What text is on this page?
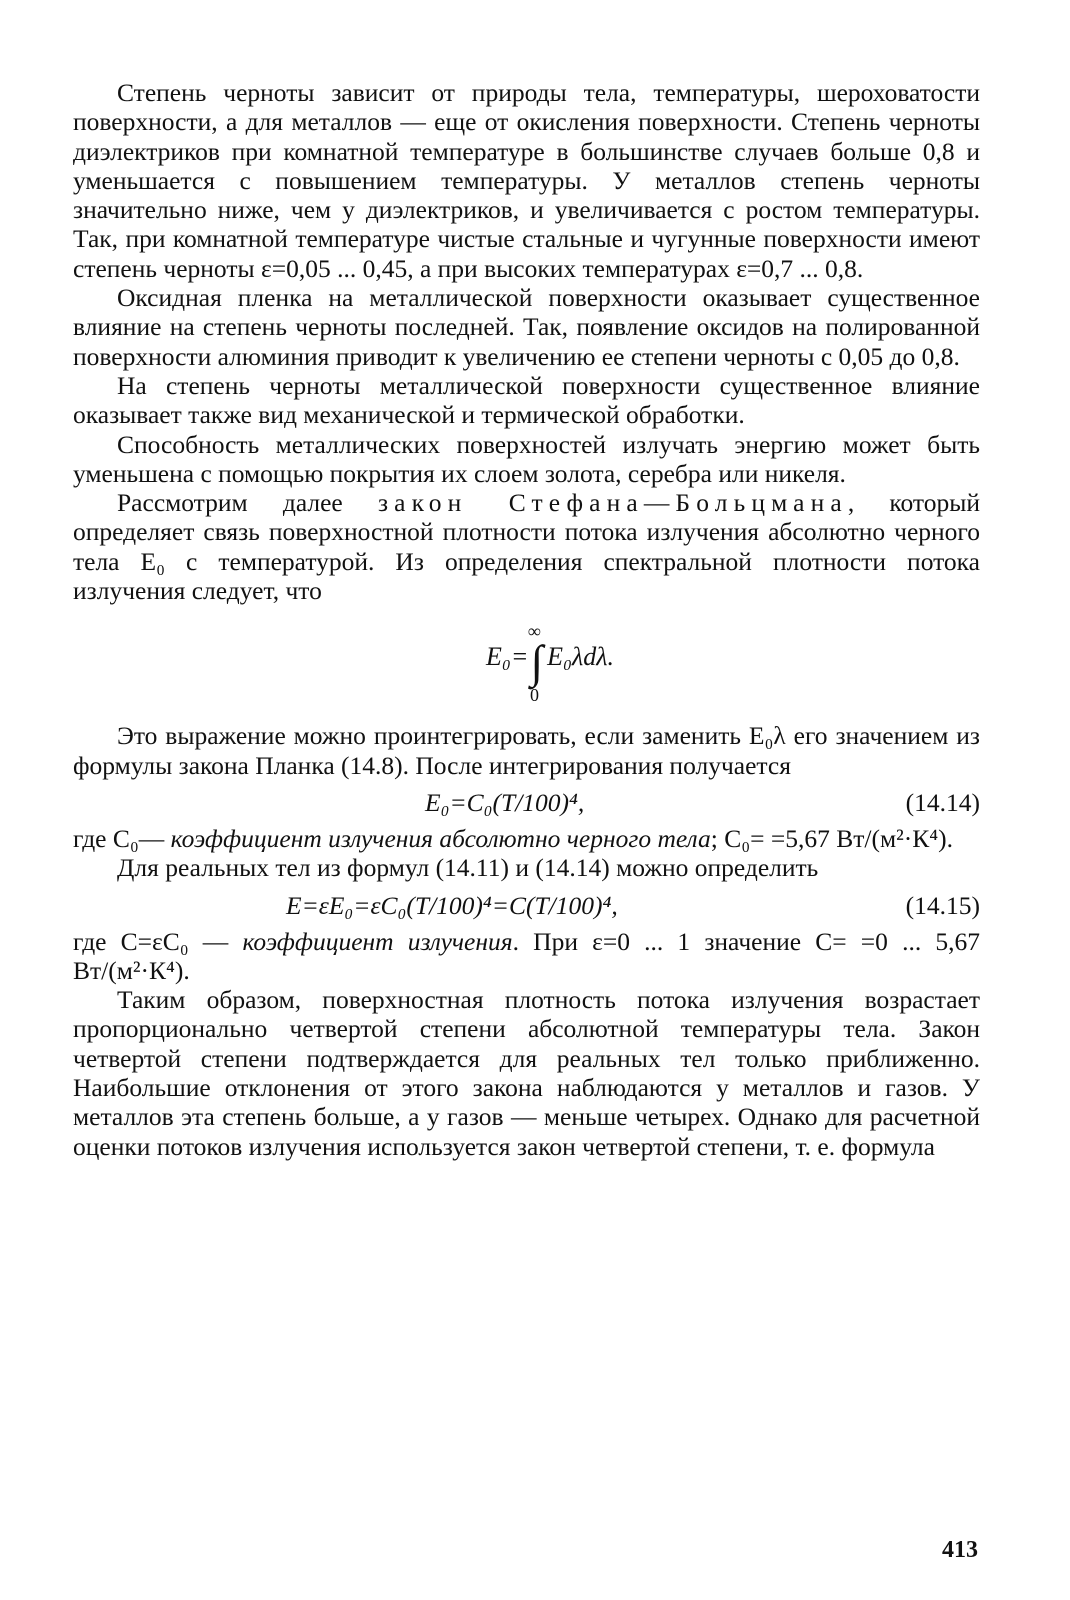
Степень черноты зависит от природы тела, температуры, шероховатости поверхности, а для металлов — еще от окисления поверхности. Степень черноты диэлектриков при комнатной температуре в большинстве случаев больше 0,8 и уменьшается с повышением температуры. У металлов степень черноты значительно ниже, чем у диэлектриков, и увеличивается с ростом температуры. Так, при комнатной температуре чистые стальные и чугунные поверхности имеют степень черноты ε=0,05 ... 0,45, а при высоких температурах ε=0,7 ... 0,8.

Оксидная пленка на металлической поверхности оказывает существенное влияние на степень черноты последней. Так, появление оксидов на полированной поверхности алюминия приводит к увеличению ее степени черноты с 0,05 до 0,8.

На степень черноты металлической поверхности существенное влияние оказывает также вид механической и термической обработки.

Способность металлических поверхностей излучать энергию может быть уменьшена с помощью покрытия их слоем золота, серебра или никеля.

Рассмотрим далее закон Стефана—Больцмана, который определяет связь поверхностной плотности потока излучения абсолютно черного тела E₀ с температурой. Из определения спектральной плотности потока излучения следует, что

∞
E₀=∫ E₀λdλ.
0

Это выражение можно проинтегрировать, если заменить E₀λ его значением из формулы закона Планка (14.8). После интегрирования получается

E₀=C₀(T/100)⁴,	(14.14)

где C₀— коэффициент излучения абсолютно черного тела; C₀= =5,67 Вт/(м²·К⁴).

Для реальных тел из формул (14.11) и (14.14) можно определить

E=εE₀=εC₀(T/100)⁴=C(T/100)⁴,	(14.15)

где C=εC₀ — коэффициент излучения. При ε=0 ... 1 значение C= =0 ... 5,67 Вт/(м²·К⁴).

Таким образом, поверхностная плотность потока излучения возрастает пропорционально четвертой степени абсолютной температуры тела. Закон четвертой степени подтверждается для реальных тел только приближенно. Наибольшие отклонения от этого закона наблюдаются у металлов и газов. У металлов эта степень больше, а у газов — меньше четырех. Однако для расчетной оценки потоков излучения используется закон четвертой степени, т. е. формула

413
